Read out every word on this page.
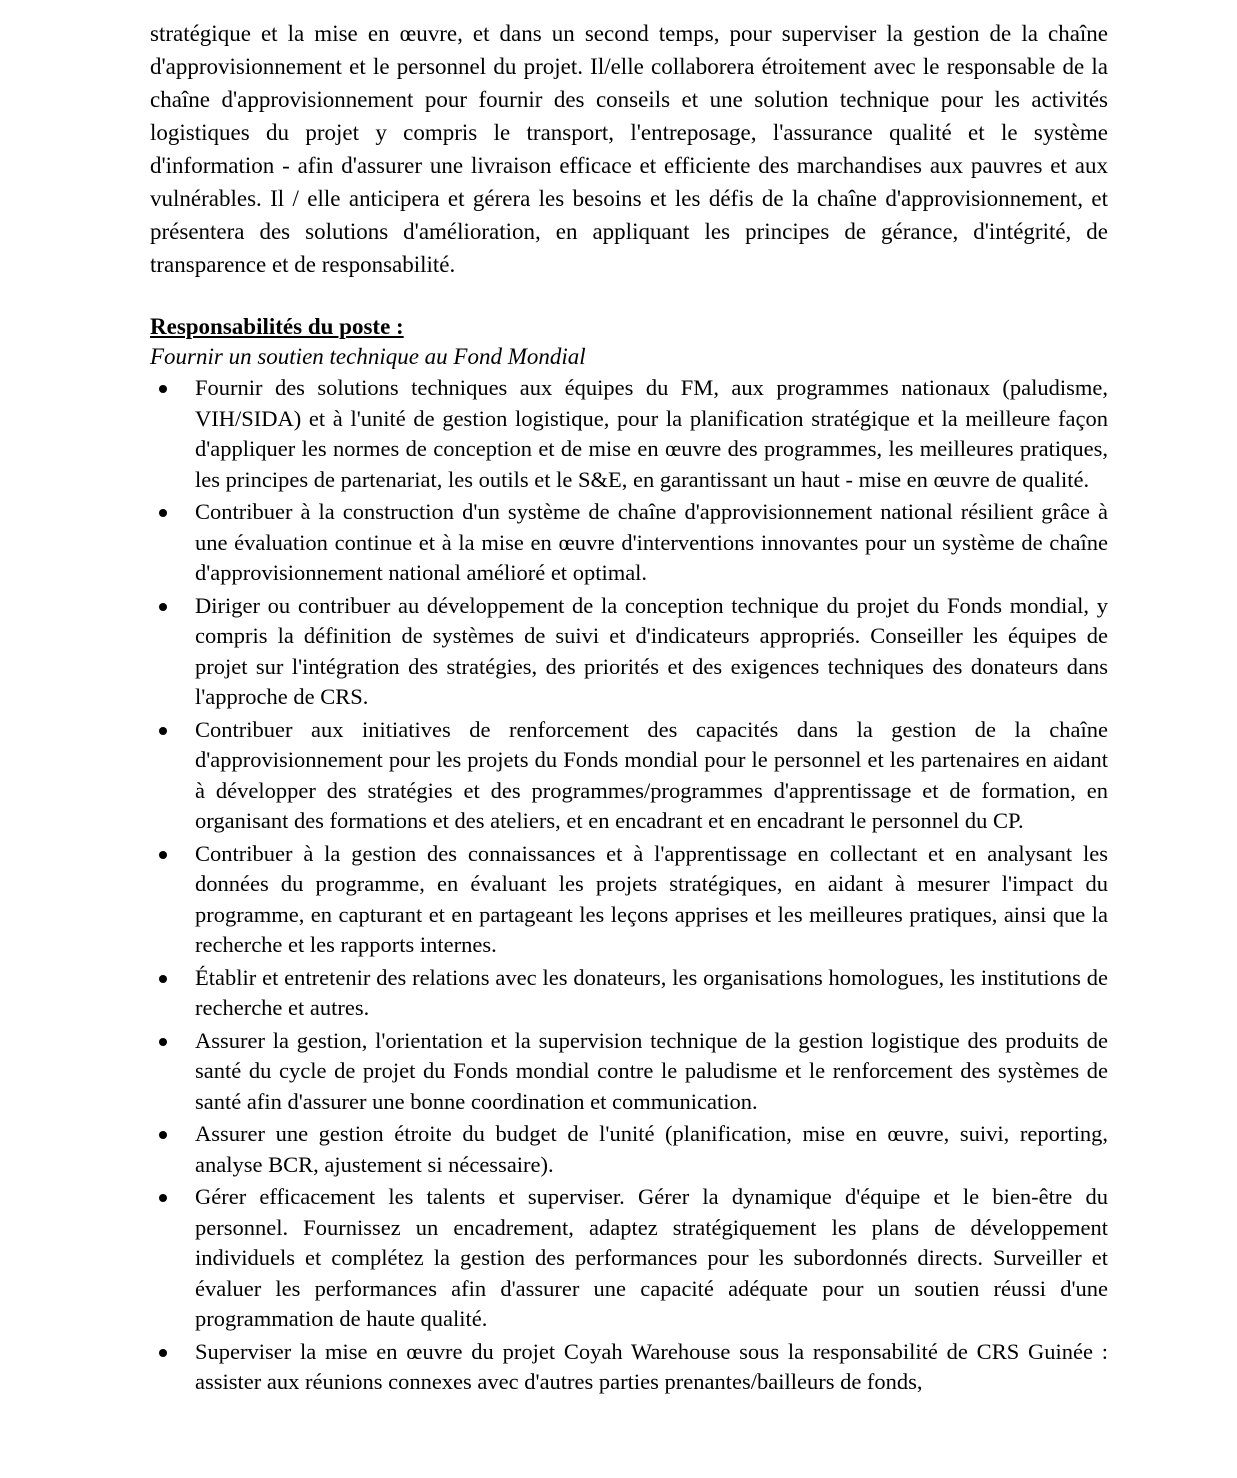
stratégique et la mise en œuvre, et dans un second temps, pour superviser la gestion de la chaîne d'approvisionnement et le personnel du projet. Il/elle collaborera étroitement avec le responsable de la chaîne d'approvisionnement pour fournir des conseils et une solution technique pour les activités logistiques du projet y compris le transport, l'entreposage, l'assurance qualité et le système d'information - afin d'assurer une livraison efficace et efficiente des marchandises aux pauvres et aux vulnérables. Il / elle anticipera et gérera les besoins et les défis de la chaîne d'approvisionnement, et présentera des solutions d'amélioration, en appliquant les principes de gérance, d'intégrité, de transparence et de responsabilité.

Responsabilités du poste :

Fournir un soutien technique au Fond Mondial

Fournir des solutions techniques aux équipes du FM, aux programmes nationaux (paludisme, VIH/SIDA) et à l'unité de gestion logistique, pour la planification stratégique et la meilleure façon d'appliquer les normes de conception et de mise en œuvre des programmes, les meilleures pratiques, les principes de partenariat, les outils et le S&E, en garantissant un haut - mise en œuvre de qualité.
Contribuer à la construction d'un système de chaîne d'approvisionnement national résilient grâce à une évaluation continue et à la mise en œuvre d'interventions innovantes pour un système de chaîne d'approvisionnement national amélioré et optimal.
Diriger ou contribuer au développement de la conception technique du projet du Fonds mondial, y compris la définition de systèmes de suivi et d'indicateurs appropriés. Conseiller les équipes de projet sur l'intégration des stratégies, des priorités et des exigences techniques des donateurs dans l'approche de CRS.
Contribuer aux initiatives de renforcement des capacités dans la gestion de la chaîne d'approvisionnement pour les projets du Fonds mondial pour le personnel et les partenaires en aidant à développer des stratégies et des programmes/programmes d'apprentissage et de formation, en organisant des formations et des ateliers, et en encadrant et en encadrant le personnel du CP.
Contribuer à la gestion des connaissances et à l'apprentissage en collectant et en analysant les données du programme, en évaluant les projets stratégiques, en aidant à mesurer l'impact du programme, en capturant et en partageant les leçons apprises et les meilleures pratiques, ainsi que la recherche et les rapports internes.
Établir et entretenir des relations avec les donateurs, les organisations homologues, les institutions de recherche et autres.
Assurer la gestion, l'orientation et la supervision technique de la gestion logistique des produits de santé du cycle de projet du Fonds mondial contre le paludisme et le renforcement des systèmes de santé afin d'assurer une bonne coordination et communication.
Assurer une gestion étroite du budget de l'unité (planification, mise en œuvre, suivi, reporting, analyse BCR, ajustement si nécessaire).
Gérer efficacement les talents et superviser. Gérer la dynamique d'équipe et le bien-être du personnel. Fournissez un encadrement, adaptez stratégiquement les plans de développement individuels et complétez la gestion des performances pour les subordonnés directs. Surveiller et évaluer les performances afin d'assurer une capacité adéquate pour un soutien réussi d'une programmation de haute qualité.
Superviser la mise en œuvre du projet Coyah Warehouse sous la responsabilité de CRS Guinée : assister aux réunions connexes avec d'autres parties prenantes/bailleurs de fonds,
